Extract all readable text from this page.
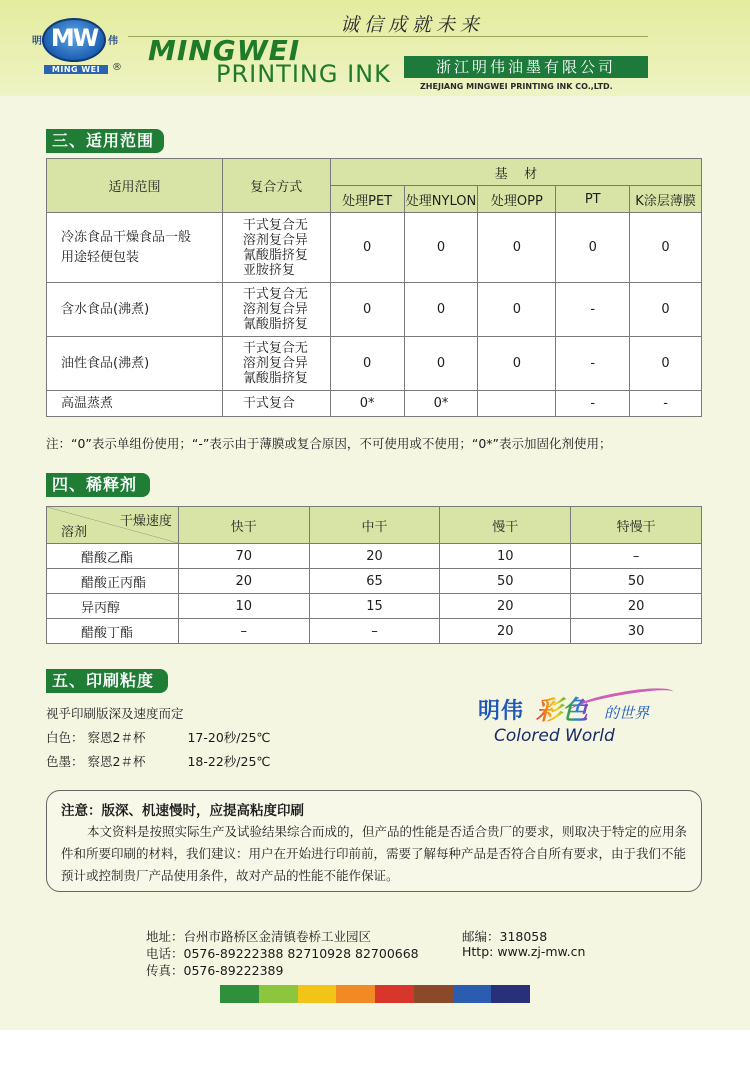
MW
明	伟
MING WEI	®
诚信成就未来
MINGWEI
PRINTING INK	浙江明伟油墨有限公司
ZHEJIANG MINGWEI PRINTING INK CO.,LTD.
三、适用范围
适用范围	复合方式	基    材				
		处理PET	处理NYLON	处理OPP	PT	K涂层薄膜

冷冻食品干燥食品一般用途轻便包装	干式复合无
溶剂复合异
氰酸脂挤复
亚胺挤复	0	0	0	0	0
含水食品(沸煮)	干式复合无
溶剂复合异
氰酸脂挤复	0	0	0	-	0
油性食品(沸煮)	干式复合无
溶剂复合异
氰酸脂挤复	0	0	0	-	0
高温蒸煮	干式复合	0*	0*		-	-
注：“0”表示单组份使用；“-”表示由于薄膜或复合原因，不可使用或不使用；“0*”表示加固化剂使用；
四、稀释剂
干燥速度
溶剂	快干	中干	慢干	特慢干
醋酸乙酯	70	20	10	–
醋酸正丙酯	20	65	50	50
异丙醇	10	15	20	20
醋酸丁酯	–	–	20	30
五、印刷粘度
视乎印刷版深及速度而定
白色： 察恩2＃杯	17-20秒/25℃
色墨： 察恩2＃杯	18-22秒/25℃
明伟 彩色 的世界
Colored World
注意：版深、机速慢时，应提高粘度印刷
本文资料是按照实际生产及试验结果综合而成的，但产品的性能是否适合贵厂的要求，则取决于特定的应用条件和所要印刷的材料，我们建议：用户在开始进行印前前，需要了解每种产品是否符合自所有要求，由于我们不能预计或控制贵厂产品使用条件，故对产品的性能不能作保证。
地址：台州市路桥区金清镇卷桥工业园区	邮编：318058
电话：0576-89222388 82710928 82700668	Http: www.zj-mw.cn
传真：0576-89222389
